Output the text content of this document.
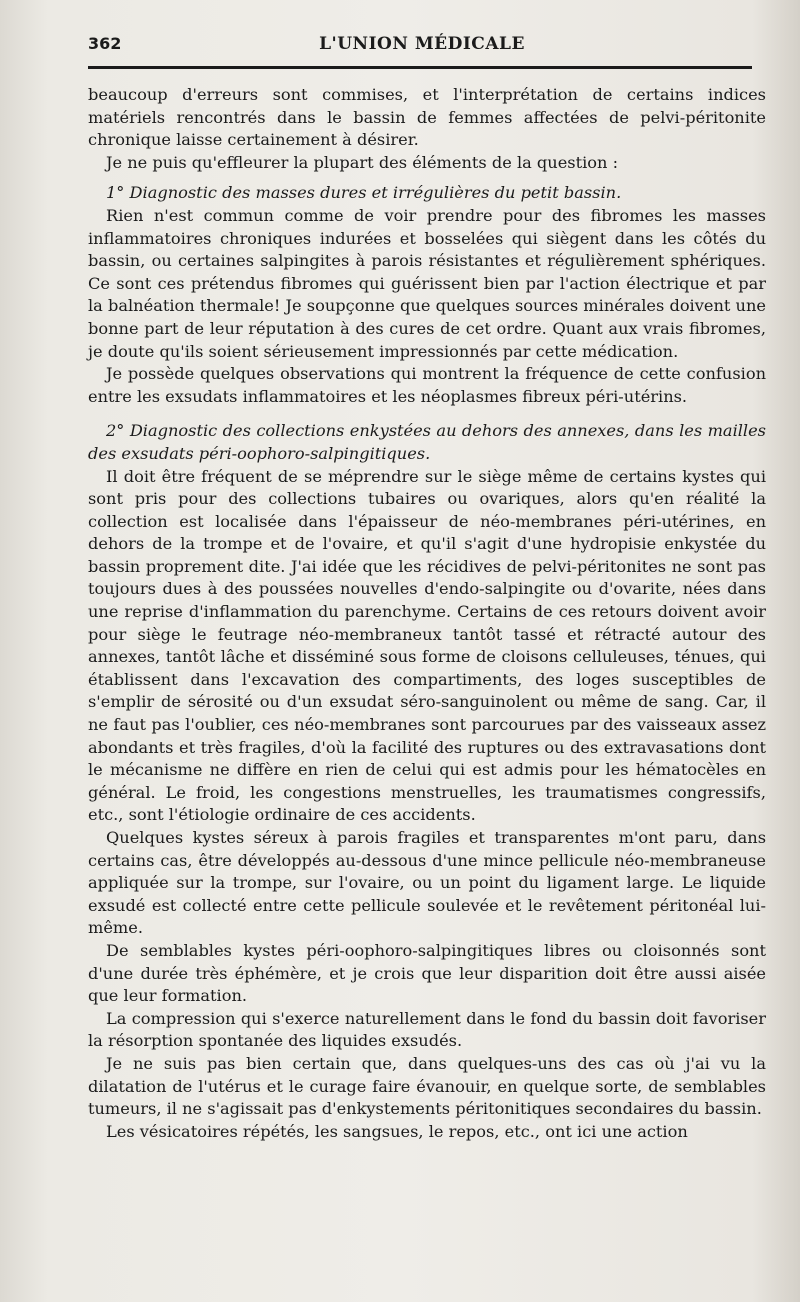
362	L'UNION MÉDICALE

beaucoup d'erreurs sont commises, et l'interprétation de certains indices matériels rencontrés dans le bassin de femmes affectées de pelvi-péritonite chronique laisse certainement à désirer.

Je ne puis qu'effleurer la plupart des éléments de la question :

1° Diagnostic des masses dures et irrégulières du petit bassin.

Rien n'est commun comme de voir prendre pour des fibromes les masses inflammatoires chroniques indurées et bosselées qui siègent dans les côtés du bassin, ou certaines salpingites à parois résistantes et régulièrement sphériques. Ce sont ces prétendus fibromes qui guérissent bien par l'action électrique et par la balnéation thermale! Je soupçonne que quelques sources minérales doivent une bonne part de leur réputation à des cures de cet ordre. Quant aux vrais fibromes, je doute qu'ils soient sérieusement impressionnés par cette médication.

Je possède quelques observations qui montrent la fréquence de cette confusion entre les exsudats inflammatoires et les néoplasmes fibreux péri-utérins.

2° Diagnostic des collections enkystées au dehors des annexes, dans les mailles des exsudats péri-oophoro-salpingitiques.

Il doit être fréquent de se méprendre sur le siège même de certains kystes qui sont pris pour des collections tubaires ou ovariques, alors qu'en réalité la collection est localisée dans l'épaisseur de néo-membranes péri-utérines, en dehors de la trompe et de l'ovaire, et qu'il s'agit d'une hydropisie enkystée du bassin proprement dite. J'ai idée que les récidives de pelvi-péritonites ne sont pas toujours dues à des poussées nouvelles d'endo-salpingite ou d'ovarite, nées dans une reprise d'inflammation du parenchyme. Certains de ces retours doivent avoir pour siège le feutrage néo-membraneux tantôt tassé et rétracté autour des annexes, tantôt lâche et disséminé sous forme de cloisons celluleuses, ténues, qui établissent dans l'excavation des compartiments, des loges susceptibles de s'emplir de sérosité ou d'un exsudat séro-sanguinolent ou même de sang. Car, il ne faut pas l'oublier, ces néo-membranes sont parcourues par des vaisseaux assez abondants et très fragiles, d'où la facilité des ruptures ou des extravasations dont le mécanisme ne diffère en rien de celui qui est admis pour les hématocèles en général. Le froid, les congestions menstruelles, les traumatismes congressifs, etc., sont l'étiologie ordinaire de ces accidents.

Quelques kystes séreux à parois fragiles et transparentes m'ont paru, dans certains cas, être développés au-dessous d'une mince pellicule néo-membraneuse appliquée sur la trompe, sur l'ovaire, ou un point du ligament large. Le liquide exsudé est collecté entre cette pellicule soulevée et le revêtement péritonéal lui-même.

De semblables kystes péri-oophoro-salpingitiques libres ou cloisonnés sont d'une durée très éphémère, et je crois que leur disparition doit être aussi aisée que leur formation.

La compression qui s'exerce naturellement dans le fond du bassin doit favoriser la résorption spontanée des liquides exsudés.

Je ne suis pas bien certain que, dans quelques-uns des cas où j'ai vu la dilatation de l'utérus et le curage faire évanouir, en quelque sorte, de semblables tumeurs, il ne s'agissait pas d'enkystements péritonitiques secondaires du bassin.

Les vésicatoires répétés, les sangsues, le repos, etc., ont ici une action
